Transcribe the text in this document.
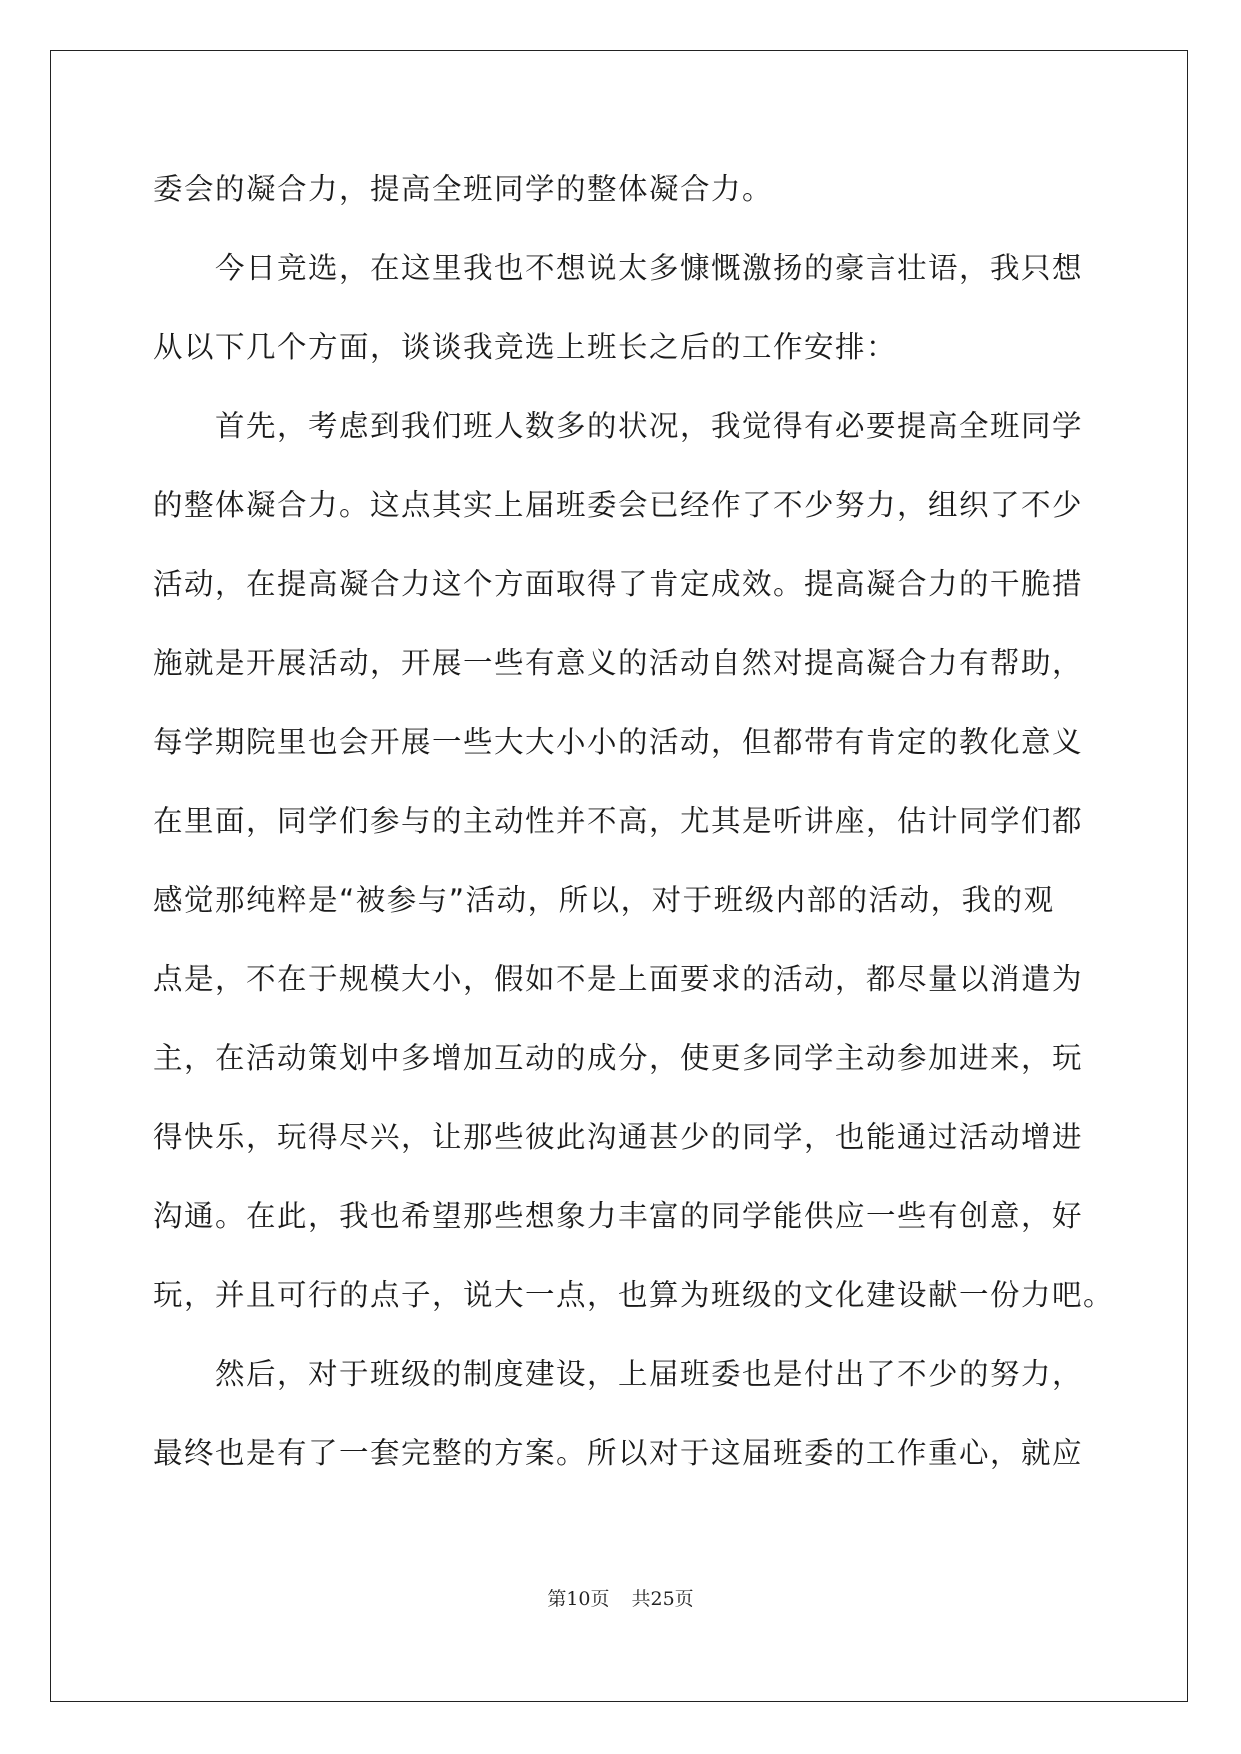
委会的凝合力，提高全班同学的整体凝合力。
今日竞选，在这里我也不想说太多慷慨激扬的豪言壮语，我只想
从以下几个方面，谈谈我竞选上班长之后的工作安排：
首先，考虑到我们班人数多的状况，我觉得有必要提高全班同学
的整体凝合力。这点其实上届班委会已经作了不少努力，组织了不少
活动，在提高凝合力这个方面取得了肯定成效。提高凝合力的干脆措
施就是开展活动，开展一些有意义的活动自然对提高凝合力有帮助，
每学期院里也会开展一些大大小小的活动，但都带有肯定的教化意义
在里面，同学们参与的主动性并不高，尤其是听讲座，估计同学们都
感觉那纯粹是“被参与”活动，所以，对于班级内部的活动，我的观
点是，不在于规模大小，假如不是上面要求的活动，都尽量以消遣为
主，在活动策划中多增加互动的成分，使更多同学主动参加进来，玩
得快乐，玩得尽兴，让那些彼此沟通甚少的同学，也能通过活动增进
沟通。在此，我也希望那些想象力丰富的同学能供应一些有创意，好
玩，并且可行的点子，说大一点，也算为班级的文化建设献一份力吧。
然后，对于班级的制度建设，上届班委也是付出了不少的努力，
最终也是有了一套完整的方案。所以对于这届班委的工作重心，就应
第10页 共25页
